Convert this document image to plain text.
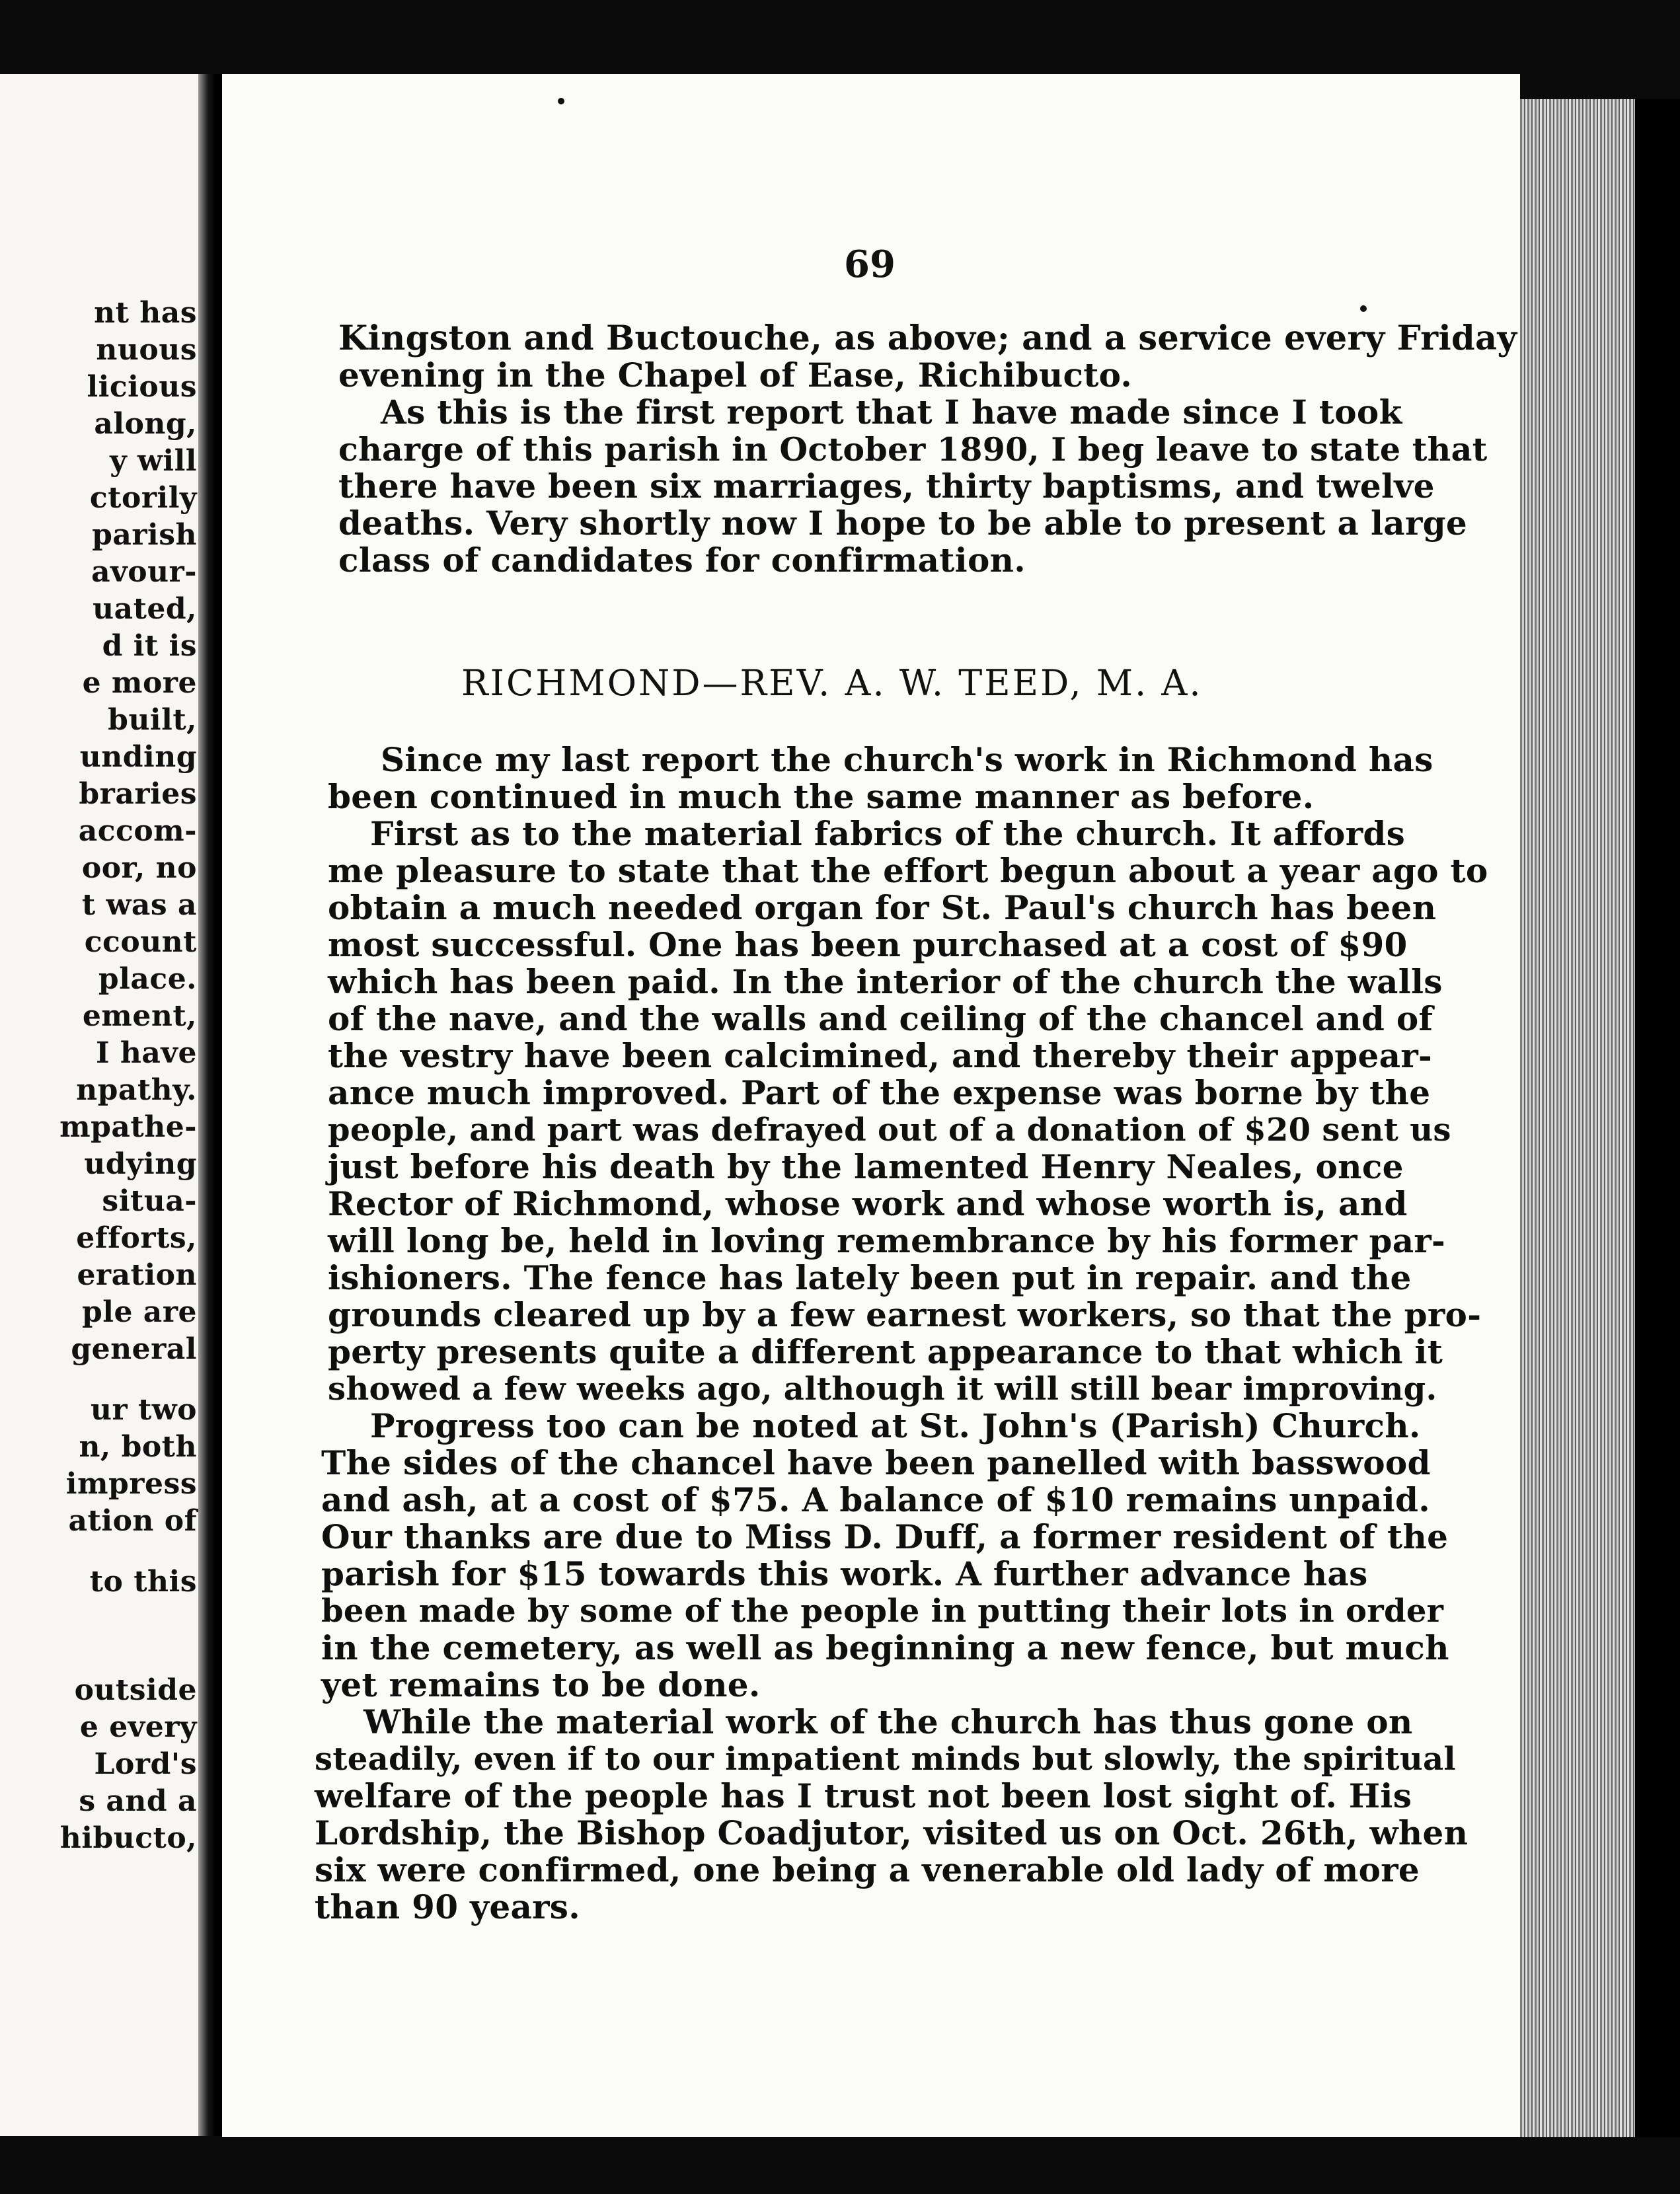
nt has

nuous

licious

along,

y will

ctorily

parish

avour-

uated,

d it is

e more

built,

unding

braries

accom-

oor, no

t was a

ccount

place.

ement,

I have

npathy.

mpathe-

udying

situa-

efforts,

eration

ple are

general

ur two

n, both

impress

ation of

to this

outside

e every

Lord's

s and a

hibucto,

69

Kingston and Buctouche, as above; and a service every Friday

evening in the Chapel of Ease, Richibucto.

As this is the first report that I have made since I took

charge of this parish in October 1890, I beg leave to state that

there have been six marriages, thirty baptisms, and twelve

deaths. Very shortly now I hope to be able to present a large

class of candidates for confirmation.

RICHMOND—REV. A. W. TEED, M. A.

Since my last report the church's work in Richmond has

been continued in much the same manner as before.

First as to the material fabrics of the church. It affords

me pleasure to state that the effort begun about a year ago to

obtain a much needed organ for St. Paul's church has been

most successful. One has been purchased at a cost of $90

which has been paid. In the interior of the church the walls

of the nave, and the walls and ceiling of the chancel and of

the vestry have been calcimined, and thereby their appear-

ance much improved. Part of the expense was borne by the

people, and part was defrayed out of a donation of $20 sent us

just before his death by the lamented Henry Neales, once

Rector of Richmond, whose work and whose worth is, and

will long be, held in loving remembrance by his former par-

ishioners. The fence has lately been put in repair. and the

grounds cleared up by a few earnest workers, so that the pro-

perty presents quite a different appearance to that which it

showed a few weeks ago, although it will still bear improving.

Progress too can be noted at St. John's (Parish) Church.

The sides of the chancel have been panelled with basswood

and ash, at a cost of $75. A balance of $10 remains unpaid.

Our thanks are due to Miss D. Duff, a former resident of the

parish for $15 towards this work. A further advance has

been made by some of the people in putting their lots in order

in the cemetery, as well as beginning a new fence, but much

yet remains to be done.

While the material work of the church has thus gone on

steadily, even if to our impatient minds but slowly, the spiritual

welfare of the people has I trust not been lost sight of. His

Lordship, the Bishop Coadjutor, visited us on Oct. 26th, when

six were confirmed, one being a venerable old lady of more

than 90 years.
